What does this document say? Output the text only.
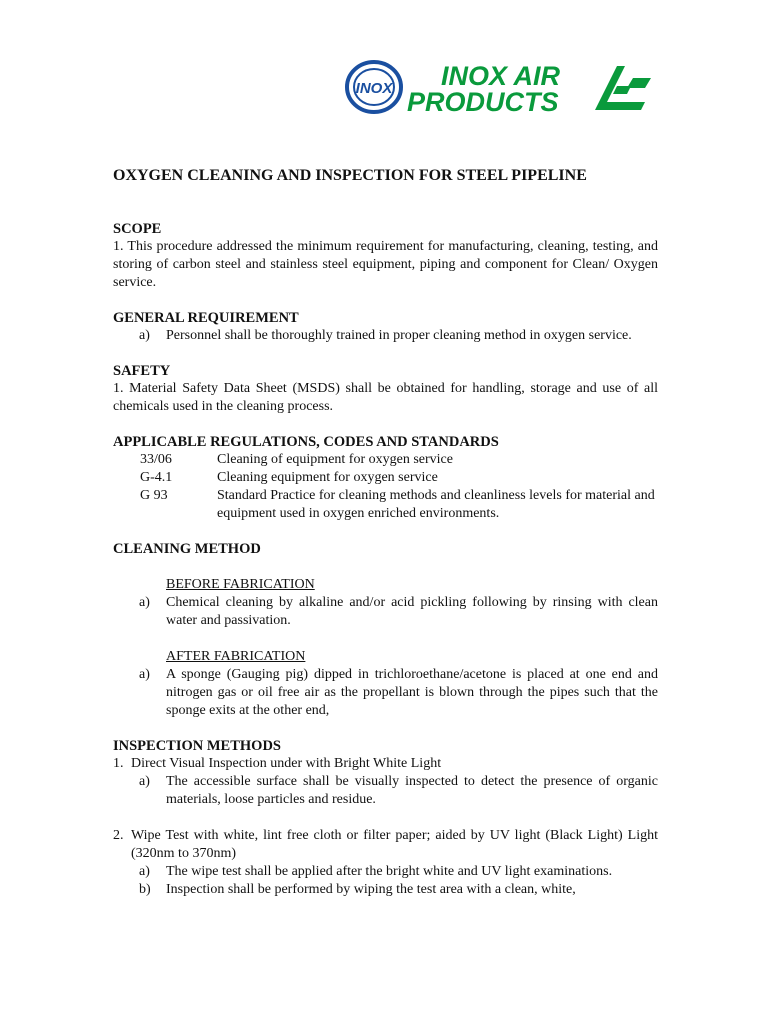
INOX INOX AIR
PRODUCTS
OXYGEN CLEANING AND INSPECTION FOR STEEL PIPELINE
SCOPE
1. This procedure addressed the minimum requirement for manufacturing, cleaning, testing, and storing of carbon steel and stainless steel equipment, piping and component for Clean/ Oxygen service.
GENERAL REQUIREMENT
a)	Personnel shall be thoroughly trained in proper cleaning method in oxygen service.
SAFETY
1. Material Safety Data Sheet (MSDS) shall be obtained for handling, storage and use of all chemicals used in the cleaning process.
APPLICABLE REGULATIONS, CODES AND STANDARDS
33/06	Cleaning of equipment for oxygen service
G-4.1	Cleaning equipment for oxygen service
G 93	Standard Practice for cleaning methods and cleanliness levels for material and equipment used in oxygen enriched environments.
CLEANING METHOD
BEFORE FABRICATION
a)	Chemical cleaning by alkaline and/or acid pickling following by rinsing with clean water and passivation.
AFTER FABRICATION
a)	A sponge (Gauging pig) dipped in trichloroethane/acetone is placed at one end and nitrogen gas or oil free air as the propellant is blown through the pipes such that the sponge exits at the other end,
INSPECTION METHODS
1. Direct Visual Inspection under with Bright White Light
a)	The accessible surface shall be visually inspected to detect the presence of organic materials, loose particles and residue.
2. Wipe Test with white, lint free cloth or filter paper; aided by UV light (Black Light) Light (320nm to 370nm)
a)	The wipe test shall be applied after the bright white and UV light examinations.
b)	Inspection shall be performed by wiping the test area with a clean, white,
